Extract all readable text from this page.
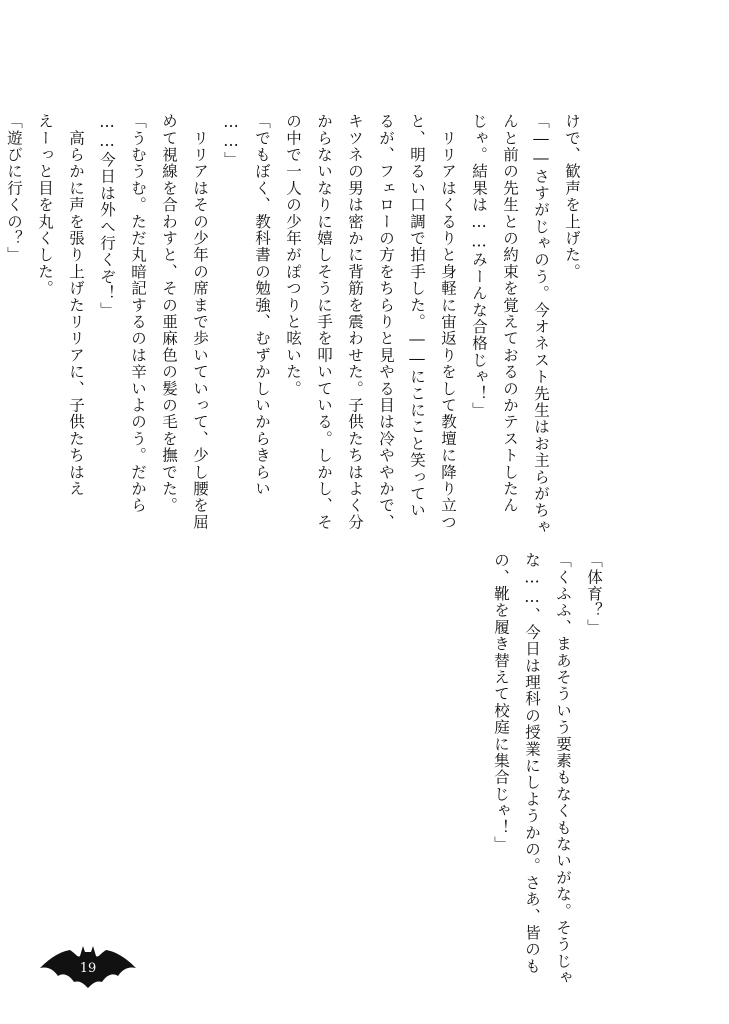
けで、歓声を上げた。
「――さすがじゃのう。今オネスト先生はお主らがちゃ
んと前の先生との約束を覚えておるのかテストしたん
じゃ。結果は……みーんな合格じゃ！」
　リリアはくるりと身軽に宙返りをして教壇に降り立つ
と、明るい口調で拍手した。――にこにこと笑ってい
るが、フェローの方をちらりと見やる目は冷ややかで、
キツネの男は密かに背筋を震わせた。子供たちはよく分
からないなりに嬉しそうに手を叩いている。しかし、そ
の中で一人の少年がぽつりと呟いた。
「でもぼく、教科書の勉強、むずかしいからきらい
……」
　リリアはその少年の席まで歩いていって、少し腰を屈
めて視線を合わすと、その亜麻色の髪の毛を撫でた。
「うむうむ。ただ丸暗記するのは辛いよのう。だから
……今日は外へ行くぞ！」
　高らかに声を張り上げたリリアに、子供たちはえ
えーっと目を丸くした。
「遊びに行くの？」
「体育？」
「くふふ、まあそういう要素もなくもないがな。そうじゃ
な……、今日は理科の授業にしようかの。さあ、皆のも
の、靴を履き替えて校庭に集合じゃ！」
19
